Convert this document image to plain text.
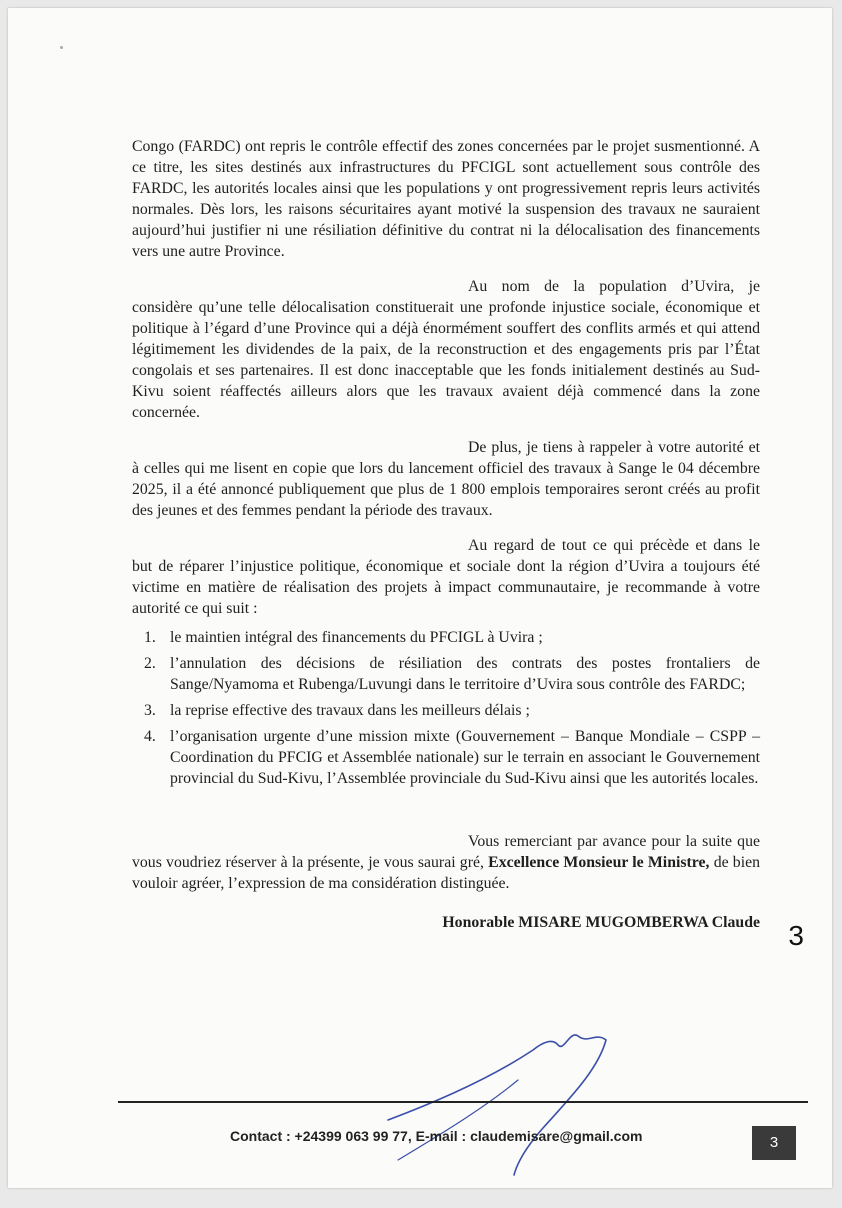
Congo (FARDC) ont repris le contrôle effectif des zones concernées par le projet susmentionné. A ce titre, les sites destinés aux infrastructures du PFCIGL sont actuellement sous contrôle des FARDC, les autorités locales ainsi que les populations y ont progressivement repris leurs activités normales. Dès lors, les raisons sécuritaires ayant motivé la suspension des travaux ne sauraient aujourd’hui justifier ni une résiliation définitive du contrat ni la délocalisation des financements vers une autre Province.

Au nom de la population d’Uvira, je considère qu’une telle délocalisation constituerait une profonde injustice sociale, économique et politique à l’égard d’une Province qui a déjà énormément souffert des conflits armés et qui attend légitimement les dividendes de la paix, de la reconstruction et des engagements pris par l’État congolais et ses partenaires. Il est donc inacceptable que les fonds initialement destinés au Sud-Kivu soient réaffectés ailleurs alors que les travaux avaient déjà commencé dans la zone concernée.

De plus, je tiens à rappeler à votre autorité et à celles qui me lisent en copie que lors du lancement officiel des travaux à Sange le 04 décembre 2025, il a été annoncé publiquement que plus de 1 800 emplois temporaires seront créés au profit des jeunes et des femmes pendant la période des travaux.

Au regard de tout ce qui précède et dans le but de réparer l’injustice politique, économique et sociale dont la région d’Uvira a toujours été victime en matière de réalisation des projets à impact communautaire, je recommande à votre autorité ce qui suit :

1. le maintien intégral des financements du PFCIGL à Uvira ;
2. l’annulation des décisions de résiliation des contrats des postes frontaliers de Sange/Nyamoma et Rubenga/Luvungi dans le territoire d’Uvira sous contrôle des FARDC;
3. la reprise effective des travaux dans les meilleurs délais ;
4. l’organisation urgente d’une mission mixte (Gouvernement – Banque Mondiale – CSPP – Coordination du PFCIG et Assemblée nationale) sur le terrain en associant le Gouvernement provincial du Sud-Kivu, l’Assemblée provinciale du Sud-Kivu ainsi que les autorités locales.

Vous remerciant par avance pour la suite que vous voudriez réserver à la présente, je vous saurai gré, Excellence Monsieur le Ministre, de bien vouloir agréer, l’expression de ma considération distinguée.

Honorable MISARE MUGOMBERWA Claude 3
Contact : +24399 063 99 77, E-mail : claudemisare@gmail.com	3
